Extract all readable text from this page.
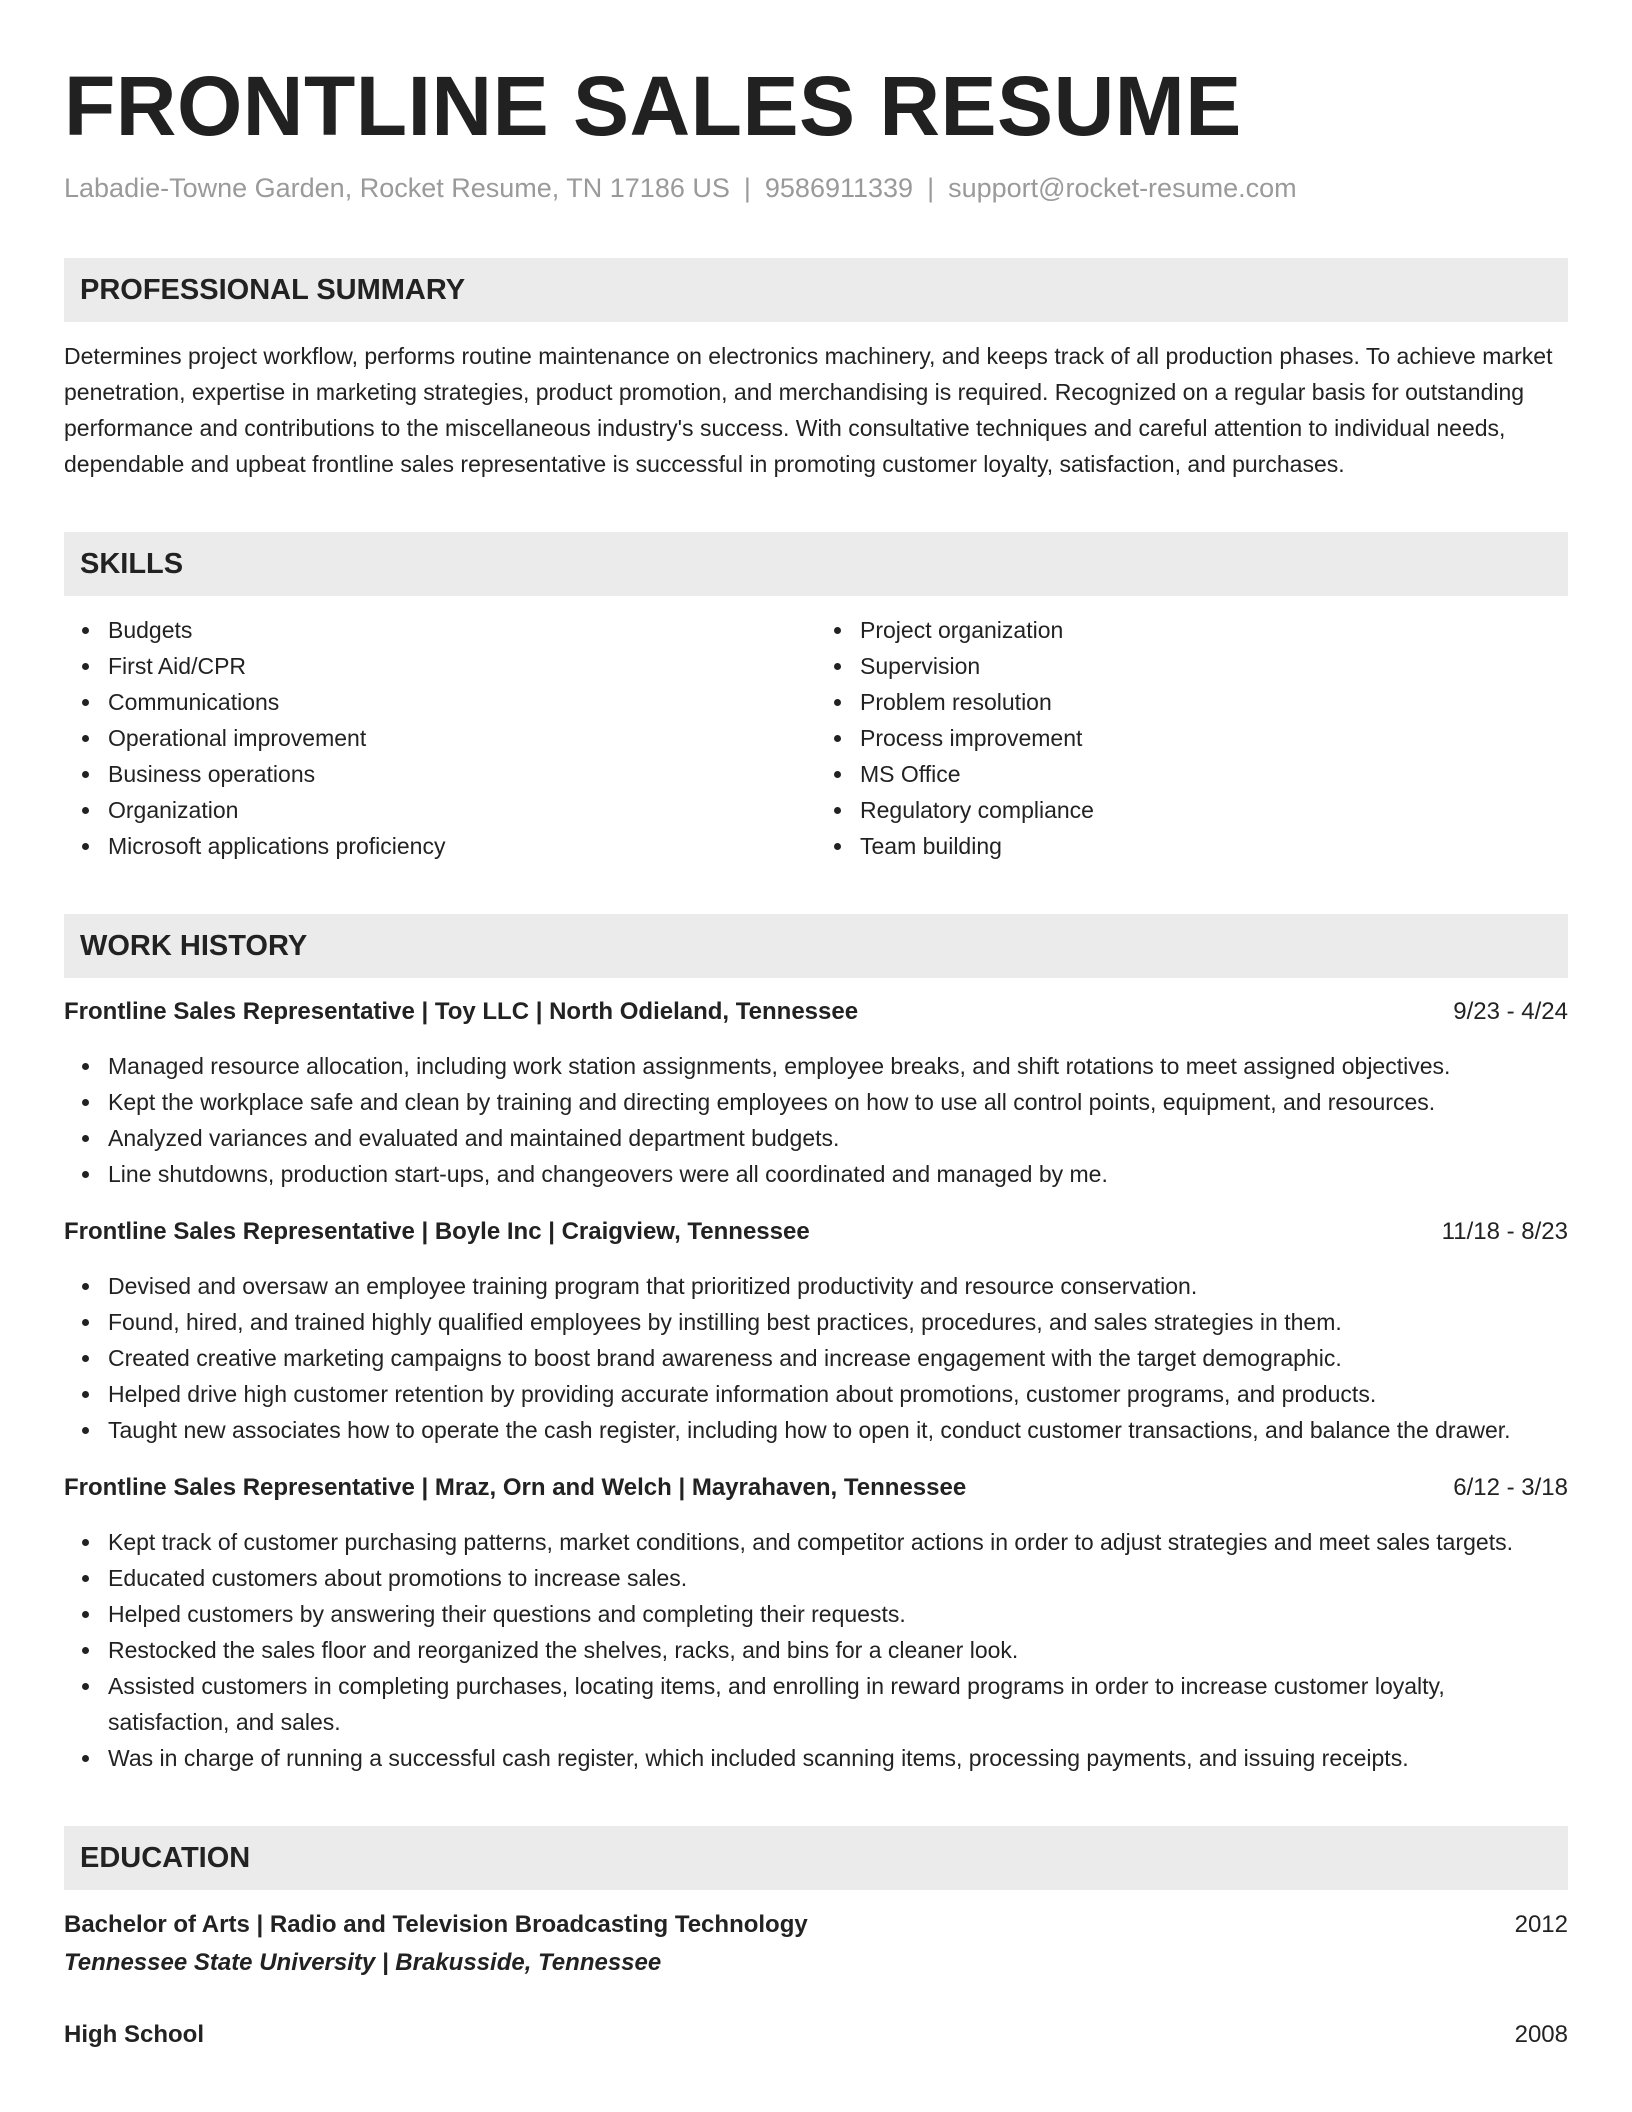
FRONTLINE SALES RESUME
Labadie-Towne Garden, Rocket Resume, TN 17186 US | 9586911339 | support@rocket-resume.com
PROFESSIONAL SUMMARY

Determines project workflow, performs routine maintenance on electronics machinery, and keeps track of all production phases. To achieve market penetration, expertise in marketing strategies, product promotion, and merchandising is required. Recognized on a regular basis for outstanding performance and contributions to the miscellaneous industry's success. With consultative techniques and careful attention to individual needs, dependable and upbeat frontline sales representative is successful in promoting customer loyalty, satisfaction, and purchases.

SKILLS
Budgets
First Aid/CPR
Communications
Operational improvement
Business operations
Organization
Microsoft applications proficiency
Project organization
Supervision
Problem resolution
Process improvement
MS Office
Regulatory compliance
Team building
WORK HISTORY
Frontline Sales Representative | Toy LLC | North Odieland, Tennessee	9/23 - 4/24
Managed resource allocation, including work station assignments, employee breaks, and shift rotations to meet assigned objectives.
Kept the workplace safe and clean by training and directing employees on how to use all control points, equipment, and resources.
Analyzed variances and evaluated and maintained department budgets.
Line shutdowns, production start-ups, and changeovers were all coordinated and managed by me.
Frontline Sales Representative | Boyle Inc | Craigview, Tennessee	11/18 - 8/23
Devised and oversaw an employee training program that prioritized productivity and resource conservation.
Found, hired, and trained highly qualified employees by instilling best practices, procedures, and sales strategies in them.
Created creative marketing campaigns to boost brand awareness and increase engagement with the target demographic.
Helped drive high customer retention by providing accurate information about promotions, customer programs, and products.
Taught new associates how to operate the cash register, including how to open it, conduct customer transactions, and balance the drawer.
Frontline Sales Representative | Mraz, Orn and Welch | Mayrahaven, Tennessee	6/12 - 3/18
Kept track of customer purchasing patterns, market conditions, and competitor actions in order to adjust strategies and meet sales targets.
Educated customers about promotions to increase sales.
Helped customers by answering their questions and completing their requests.
Restocked the sales floor and reorganized the shelves, racks, and bins for a cleaner look.
Assisted customers in completing purchases, locating items, and enrolling in reward programs in order to increase customer loyalty, satisfaction, and sales.
Was in charge of running a successful cash register, which included scanning items, processing payments, and issuing receipts.
EDUCATION
Bachelor of Arts | Radio and Television Broadcasting Technology	2012
Tennessee State University | Brakusside, Tennessee
High School	2008
